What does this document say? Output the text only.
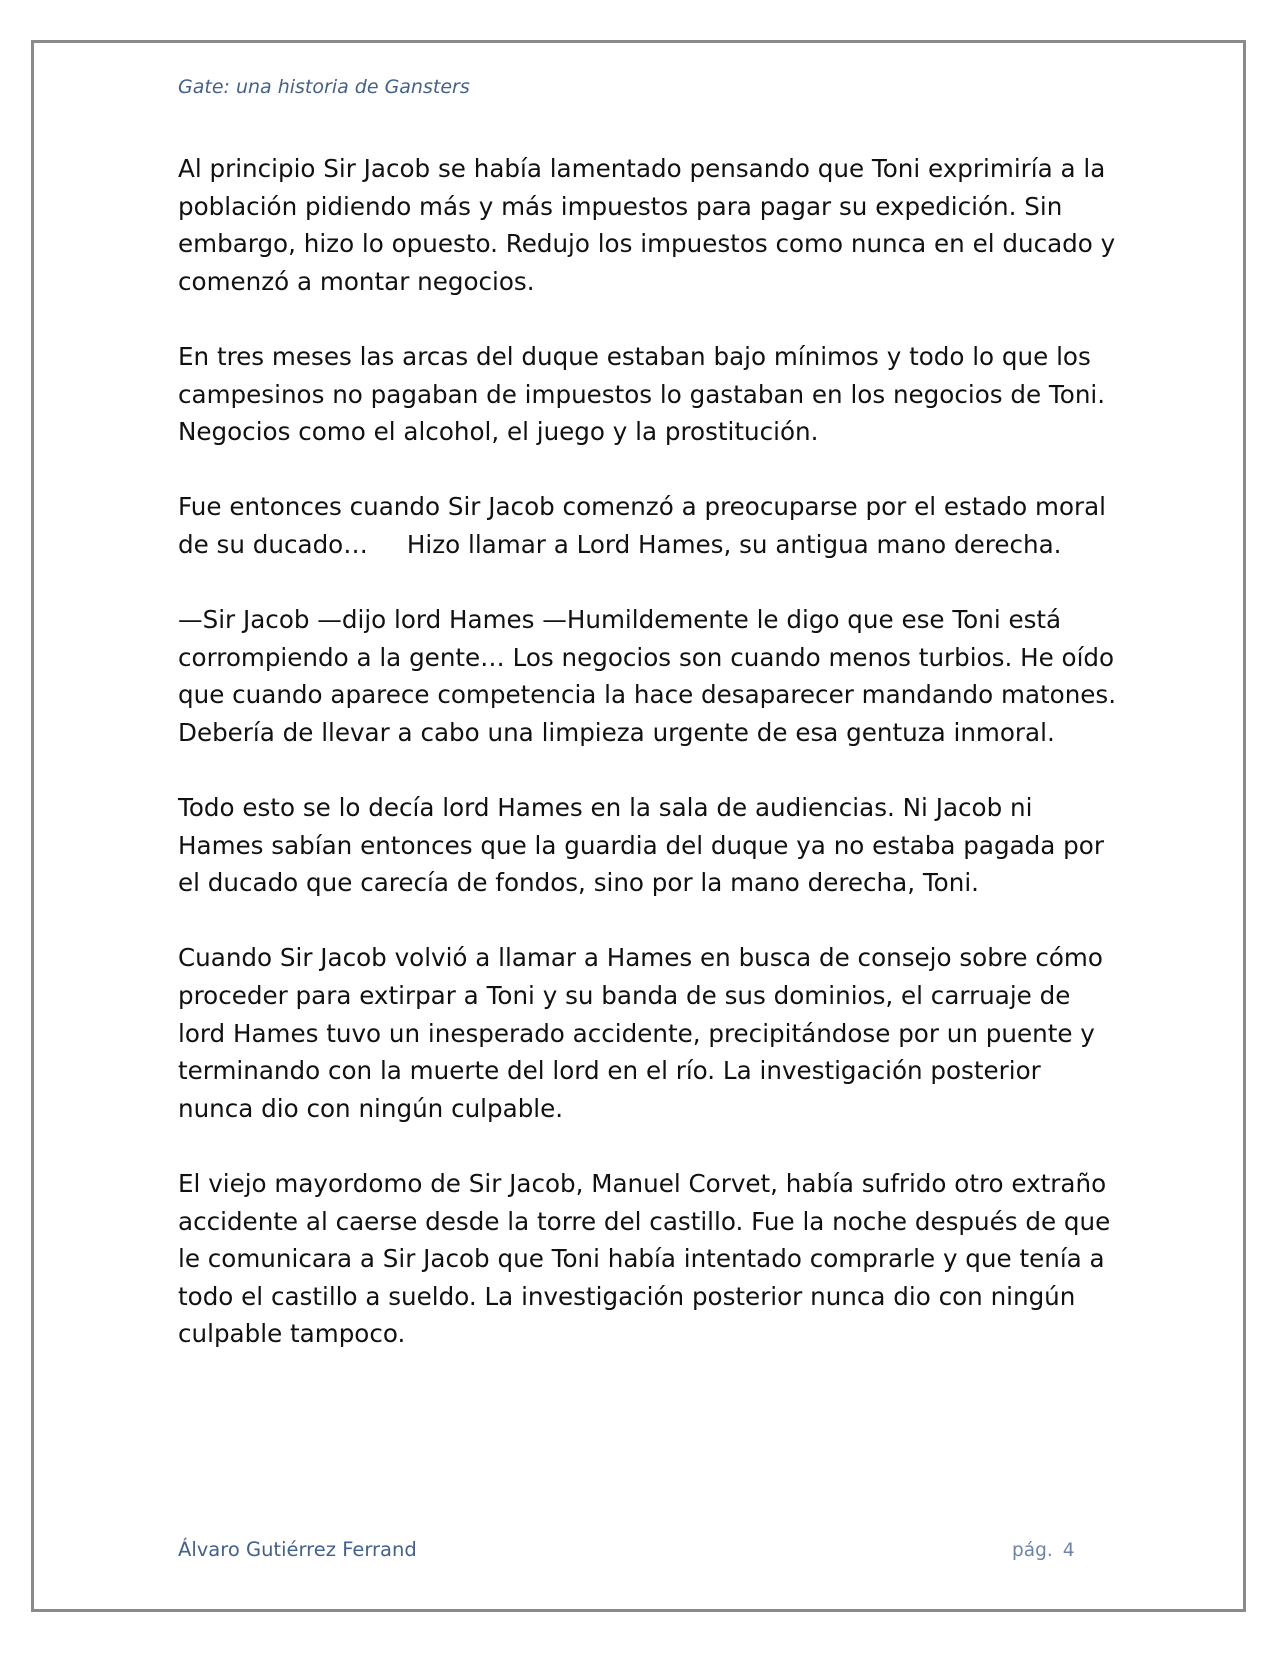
Gate: una historia de Gansters

Al principio Sir Jacob se había lamentado pensando que Toni exprimiría a la población pidiendo más y más impuestos para pagar su expedición. Sin embargo, hizo lo opuesto. Redujo los impuestos como nunca en el ducado y comenzó a montar negocios.

En tres meses las arcas del duque estaban bajo mínimos y todo lo que los campesinos no pagaban de impuestos lo gastaban en los negocios de Toni. Negocios como el alcohol, el juego y la prostitución.

Fue entonces cuando Sir Jacob comenzó a preocuparse por el estado moral de su ducado…     Hizo llamar a Lord Hames, su antigua mano derecha.

—Sir Jacob —dijo lord Hames —Humildemente le digo que ese Toni está corrompiendo a la gente… Los negocios son cuando menos turbios. He oído que cuando aparece competencia la hace desaparecer mandando matones. Debería de llevar a cabo una limpieza urgente de esa gentuza inmoral.

Todo esto se lo decía lord Hames en la sala de audiencias. Ni Jacob ni Hames sabían entonces que la guardia del duque ya no estaba pagada por el ducado que carecía de fondos, sino por la mano derecha, Toni.

Cuando Sir Jacob volvió a llamar a Hames en busca de consejo sobre cómo proceder para extirpar a Toni y su banda de sus dominios, el carruaje de lord Hames tuvo un inesperado accidente, precipitándose por un puente y terminando con la muerte del lord en el río. La investigación posterior nunca dio con ningún culpable.

El viejo mayordomo de Sir Jacob, Manuel Corvet, había sufrido otro extraño accidente al caerse desde la torre del castillo. Fue la noche después de que le comunicara a Sir Jacob que Toni había intentado comprarle y que tenía a todo el castillo a sueldo. La investigación posterior nunca dio con ningún culpable tampoco.

Álvaro Gutiérrez Ferrand	pág. 4
